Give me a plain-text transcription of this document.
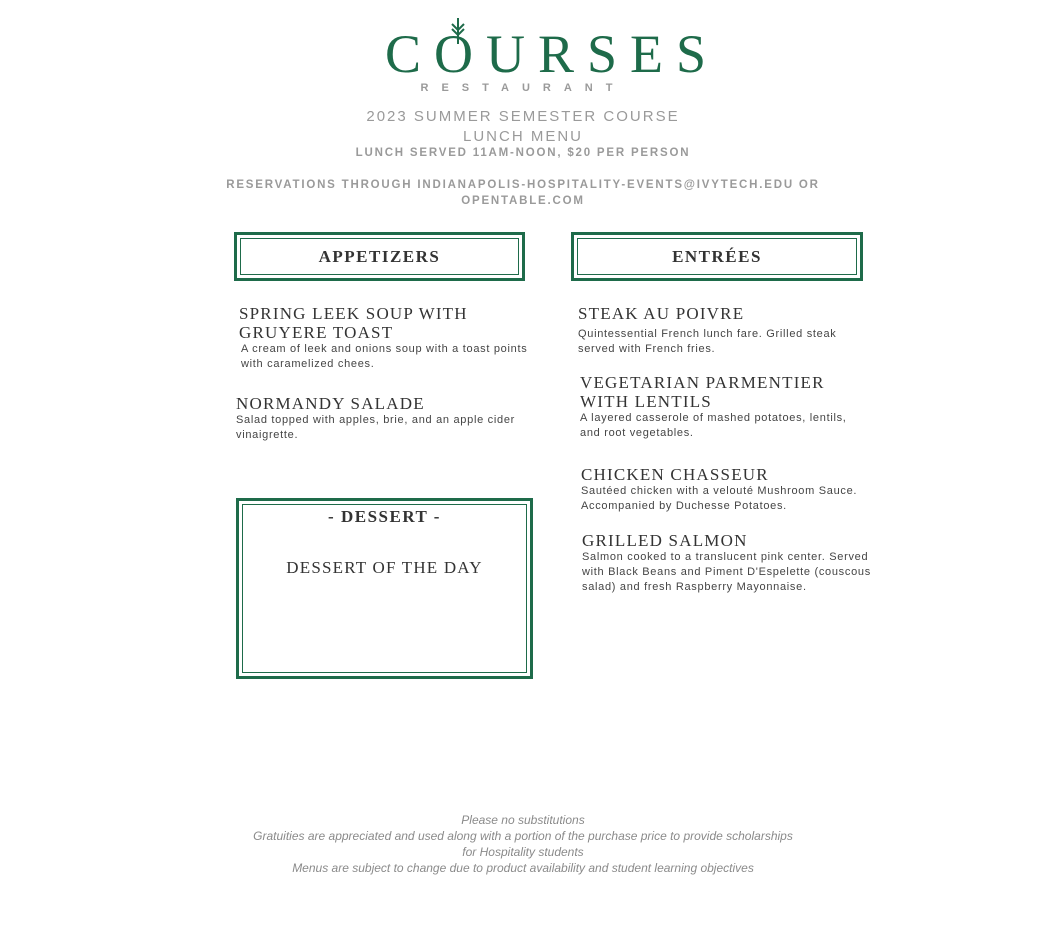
COURSES
RESTAURANT
2023 SUMMER SEMESTER COURSE
LUNCH MENU
LUNCH SERVED 11AM-NOON, $20 PER PERSON
RESERVATIONS THROUGH INDIANAPOLIS-HOSPITALITY-EVENTS@IVYTECH.EDU OR
OPENTABLE.COM
APPETIZERS	ENTRÉES
SPRING LEEK SOUP WITH GRUYERE TOAST
A cream of leek and onions soup with a toast points with caramelized chees.
NORMANDY SALADE
Salad topped with apples, brie, and an apple cider vinaigrette.
- DESSERT -
DESSERT OF THE DAY
STEAK AU POIVRE
Quintessential French lunch fare. Grilled steak served with French fries.
VEGETARIAN PARMENTIER WITH LENTILS
A layered casserole of mashed potatoes, lentils, and root vegetables.
CHICKEN CHASSEUR
Sautéed chicken with a velouté Mushroom Sauce. Accompanied by Duchesse Potatoes.
GRILLED SALMON
Salmon cooked to a translucent pink center. Served with Black Beans and Piment D'Espelette (couscous salad) and fresh Raspberry Mayonnaise.
Please no substitutions
Gratuities are appreciated and used along with a portion of the purchase price to provide scholarships
for Hospitality students
Menus are subject to change due to product availability and student learning objectives
